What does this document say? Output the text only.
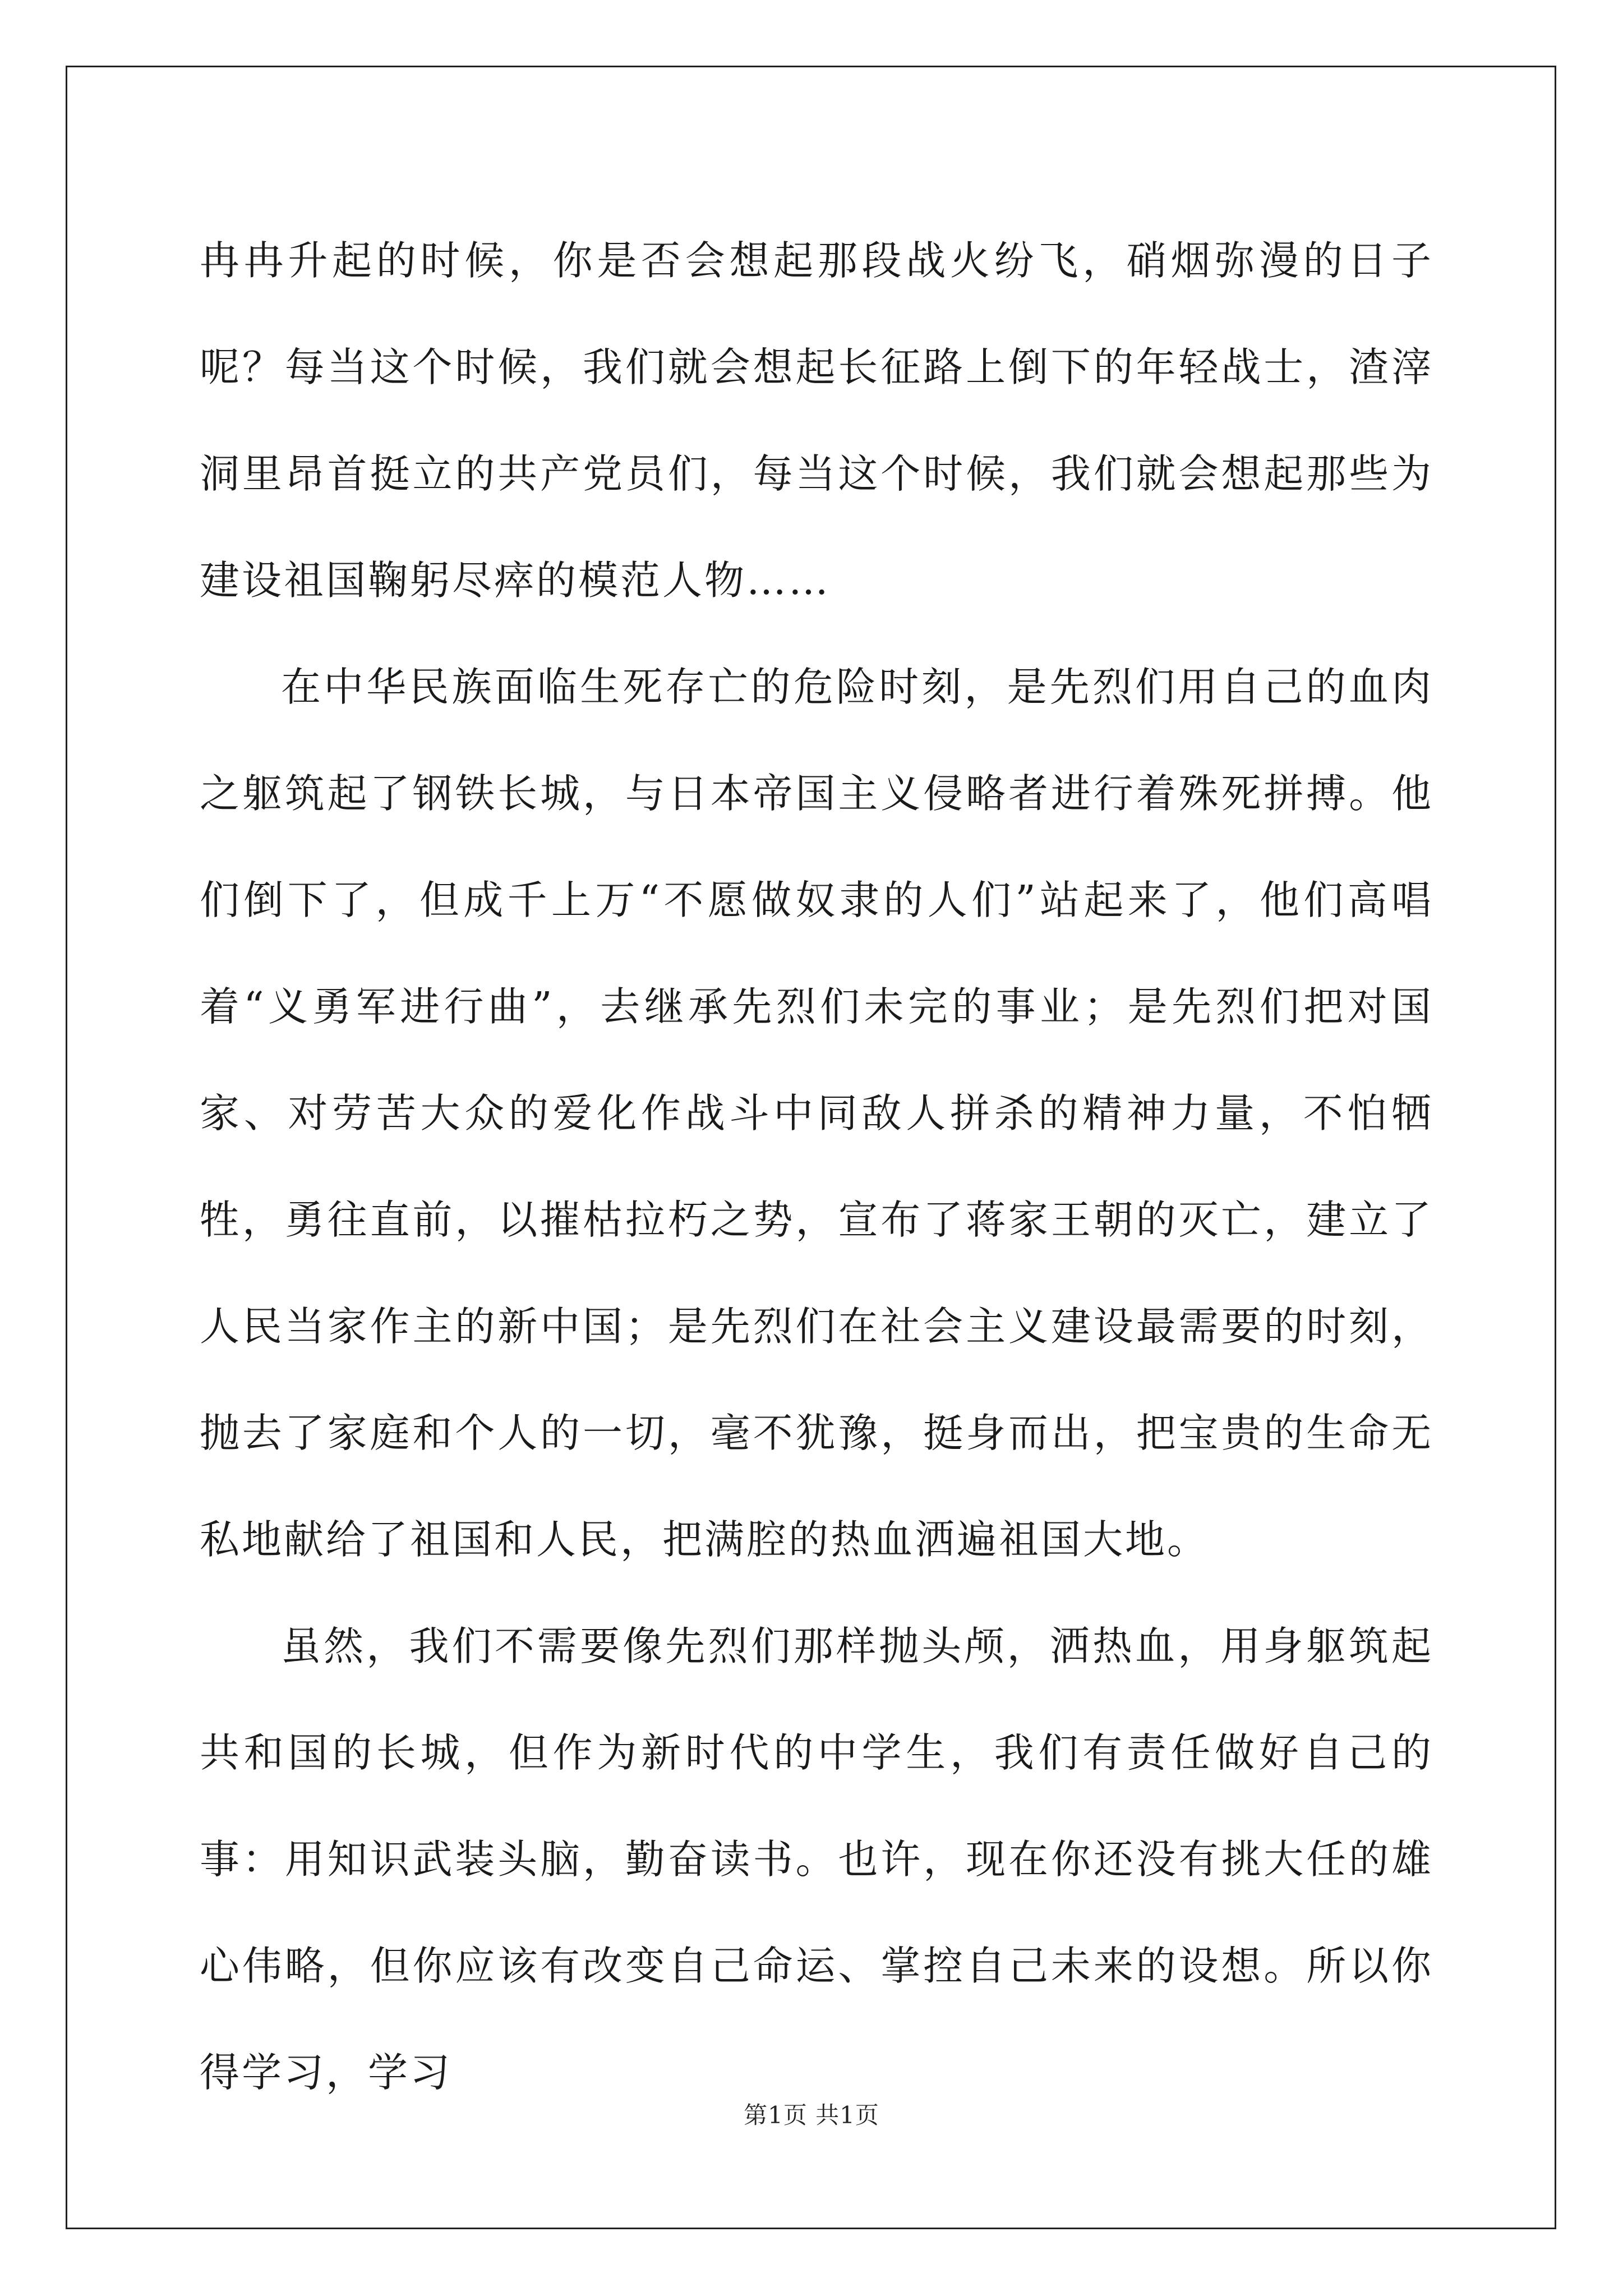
冉冉升起的时候，你是否会想起那段战火纷飞，硝烟弥漫的日子呢？每当这个时候，我们就会想起长征路上倒下的年轻战士，渣滓洞里昂首挺立的共产党员们，每当这个时候，我们就会想起那些为建设祖国鞠躬尽瘁的模范人物……

在中华民族面临生死存亡的危险时刻，是先烈们用自己的血肉之躯筑起了钢铁长城，与日本帝国主义侵略者进行着殊死拼搏。他们倒下了，但成千上万“不愿做奴隶的人们”站起来了，他们高唱着“义勇军进行曲”，去继承先烈们未完的事业；是先烈们把对国家、对劳苦大众的爱化作战斗中同敌人拼杀的精神力量，不怕牺牲，勇往直前，以摧枯拉朽之势，宣布了蒋家王朝的灭亡，建立了人民当家作主的新中国；是先烈们在社会主义建设最需要的时刻，抛去了家庭和个人的一切，毫不犹豫，挺身而出，把宝贵的生命无私地献给了祖国和人民，把满腔的热血洒遍祖国大地。

虽然，我们不需要像先烈们那样抛头颅，洒热血，用身躯筑起共和国的长城，但作为新时代的中学生，我们有责任做好自己的事：用知识武装头脑，勤奋读书。也许，现在你还没有挑大任的雄心伟略，但你应该有改变自己命运、掌控自己未来的设想。所以你得学习，学习

第1页 共1页
